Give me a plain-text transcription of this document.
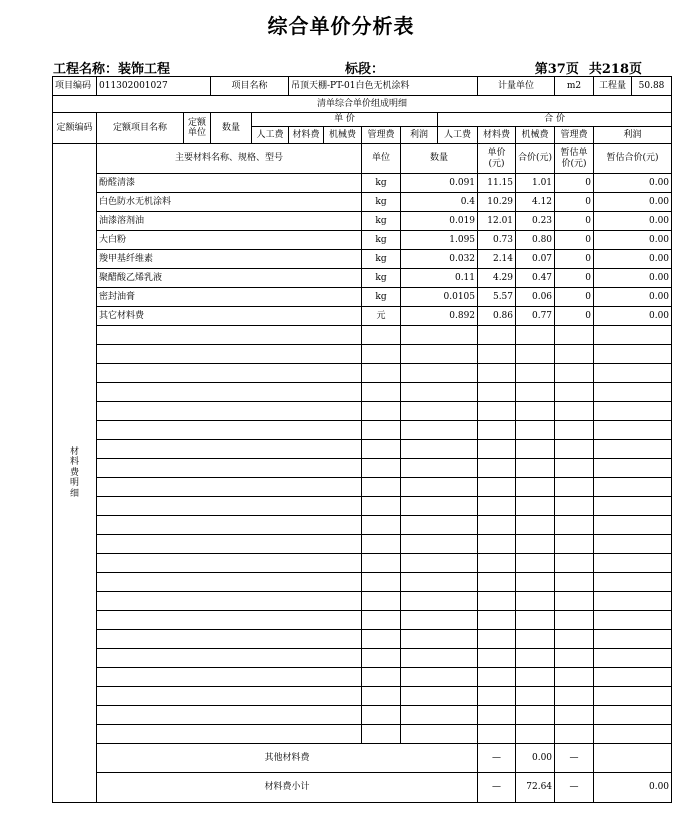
综合单价分析表
工程名称：装饰工程	标段：	第37页 共218页
项目编码	011302001027		项目名称		吊顶天棚-PT-01白色无机涂料					计量单位		m2	工程量	50.88
清单综合单价组成明细														
定额编码	定额项目名称	定额单位	数量	单 价					合 价					
				人工费	材料费	机械费	管理费	利润	人工费	材料费	机械费	管理费	利润	

材
料
费
明
细	主要材料名称、规格、型号						单位	数量		单价(元)	合价(元)	暂估单价(元)	暂估合价(元)	
	酚醛清漆						kg	0.091		11.15	1.01	0	0.00	
	白色防水无机涂料						kg	0.4		10.29	4.12	0	0.00	
	油漆溶剂油						kg	0.019		12.01	0.23	0	0.00	
	大白粉						kg	1.095		0.73	0.80	0	0.00	
	羧甲基纤维素						kg	0.032		2.14	0.07	0	0.00	
	聚醋酸乙烯乳液						kg	0.11		4.29	0.47	0	0.00	
	密封油膏						kg	0.0105		5.57	0.06	0	0.00	
	其它材料费						元	0.892		0.86	0.77	0	0.00	

	其他材料费									—	0.00	—		
	材料费小计									—	72.64	—	0.00	
